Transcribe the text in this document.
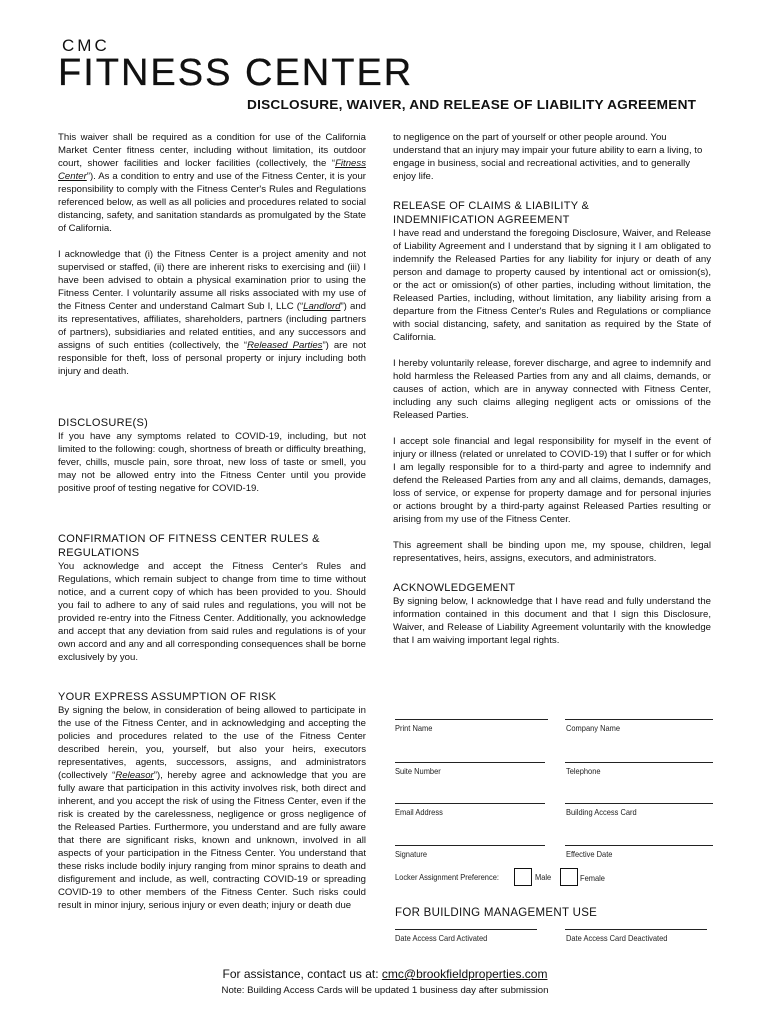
CMC
FITNESS CENTER
DISCLOSURE, WAIVER, AND RELEASE OF LIABILITY AGREEMENT

This waiver shall be required as a condition for use of the California Market Center fitness center, including without limitation, its outdoor court, shower facilities and locker facilities (collectively, the “Fitness Center”). As a condition to entry and use of the Fitness Center, it is your responsibility to comply with the Fitness Center's Rules and Regulations referenced below, as well as all policies and procedures related to social distancing, safety, and sanitation standards as promulgated by the State of California.

I acknowledge that (i) the Fitness Center is a project amenity and not supervised or staffed, (ii) there are inherent risks to exercising and (iii) I have been advised to obtain a physical examination prior to using the Fitness Center. I voluntarily assume all risks associated with my use of the Fitness Center and understand Calmart Sub I, LLC (“Landlord”) and its representatives, affiliates, shareholders, partners (including partners of partners), subsidiaries and related entities, and any successors and assigns of such entities (collectively, the “Released Parties”) are not responsible for theft, loss of personal property or injury including both injury and death.

DISCLOSURE(S)

If you have any symptoms related to COVID-19, including, but not limited to the following: cough, shortness of breath or difficulty breathing, fever, chills, muscle pain, sore throat, new loss of taste or smell, you may not be allowed entry into the Fitness Center until you provide positive proof of testing negative for COVID-19.

CONFIRMATION OF FITNESS CENTER RULES & REGULATIONS

You acknowledge and accept the Fitness Center's Rules and Regulations, which remain subject to change from time to time without notice, and a current copy of which has been provided to you. Should you fail to adhere to any of said rules and regulations, you will not be provided re-entry into the Fitness Center. Additionally, you acknowledge and accept that any deviation from said rules and regulations is of your own accord and any and all corresponding consequences shall be borne exclusively by you.

YOUR EXPRESS ASSUMPTION OF RISK

By signing the below, in consideration of being allowed to participate in the use of the Fitness Center, and in acknowledging and accepting the policies and procedures related to the use of the Fitness Center described herein, you, yourself, but also your heirs, executors representatives, agents, successors, assigns, and administrators (collectively “Releasor”), hereby agree and acknowledge that you are fully aware that participation in this activity involves risk, both direct and inherent, and you accept the risk of using the Fitness Center, even if the risk is created by the carelessness, negligence or gross negligence of the Released Parties. Furthermore, you understand and are fully aware that there are significant risks, known and unknown, involved in all aspects of your participation in the Fitness Center. You understand that these risks include bodily injury ranging from minor sprains to death and disfigurement and include, as well, contracting COVID-19 or spreading COVID-19 to other members of the Fitness Center. Such risks could result in minor injury, serious injury or even death; injury or death due

to negligence on the part of yourself or other people around. You understand that an injury may impair your future ability to earn a living, to engage in business, social and recreational activities, and to generally enjoy life.

RELEASE OF CLAIMS & LIABILITY & INDEMNIFICATION AGREEMENT

I have read and understand the foregoing Disclosure, Waiver, and Release of Liability Agreement and I understand that by signing it I am obligated to indemnify the Released Parties for any liability for injury or death of any person and damage to property caused by intentional act or omission(s), or the act or omission(s) of other parties, including without limitation, the Released Parties, including, without limitation, any liability arising from a departure from the Fitness Center's Rules and Regulations or compliance with social distancing, safety, and sanitation as required by the State of California.

I hereby voluntarily release, forever discharge, and agree to indemnify and hold harmless the Released Parties from any and all claims, demands, or causes of action, which are in anyway connected with Fitness Center, including any such claims alleging negligent acts or omissions of the Released Parties.

I accept sole financial and legal responsibility for myself in the event of injury or illness (related or unrelated to COVID-19) that I suffer or for which I am legally responsible for to a third-party and agree to indemnify and defend the Released Parties from any and all claims, demands, damages, loss of service, or expense for property damage and for personal injuries or actions brought by a third-party against Released Parties resulting or arising from my use of the Fitness Center.

This agreement shall be binding upon me, my spouse, children, legal representatives, heirs, assigns, executors, and administrators.

ACKNOWLEDGEMENT

By signing below, I acknowledge that I have read and fully understand the information contained in this document and that I sign this Disclosure, Waiver, and Release of Liability Agreement voluntarily with the knowledge that I am waiving important legal rights.

Print Name	Company Name
Suite Number	Telephone
Email Address	Building Access Card
Signature	Effective Date
Locker Assignment Preference:	Male	Female
FOR BUILDING MANAGEMENT USE
Date Access Card Activated	Date Access Card Deactivated
For assistance, contact us at: cmc@brookfieldproperties.com
Note: Building Access Cards will be updated 1 business day after submission
